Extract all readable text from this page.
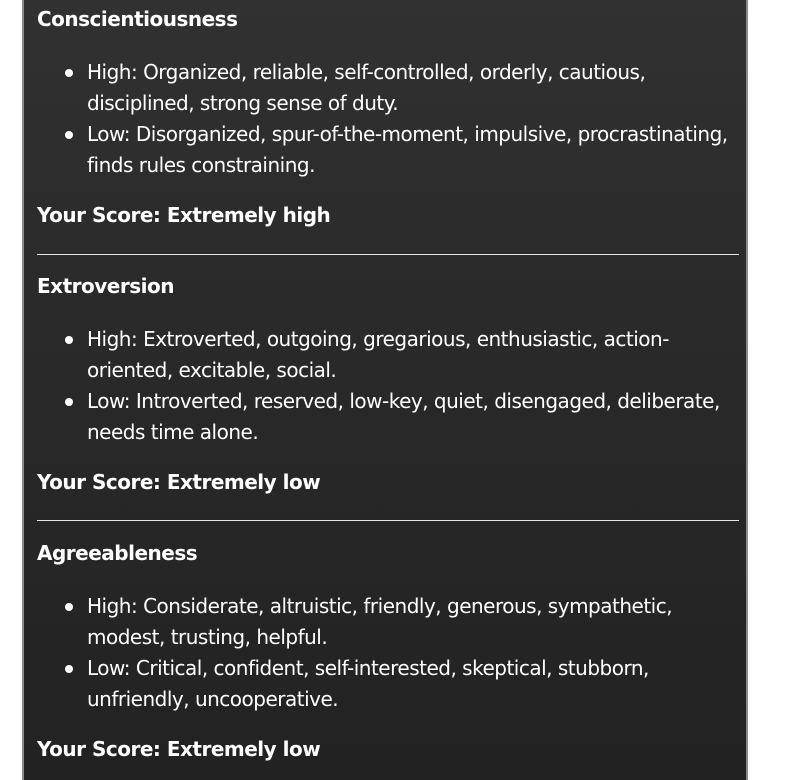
Conscientiousness
High: Organized, reliable, self-controlled, orderly, cautious, disciplined, strong sense of duty.
Low: Disorganized, spur-of-the-moment, impulsive, procrastinating, finds rules constraining.
Your Score: Extremely high
Extroversion
High: Extroverted, outgoing, gregarious, enthusiastic, action-oriented, excitable, social.
Low: Introverted, reserved, low-key, quiet, disengaged, deliberate, needs time alone.
Your Score: Extremely low
Agreeableness
High: Considerate, altruistic, friendly, generous, sympathetic, modest, trusting, helpful.
Low: Critical, confident, self-interested, skeptical, stubborn, unfriendly, uncooperative.
Your Score: Extremely low
